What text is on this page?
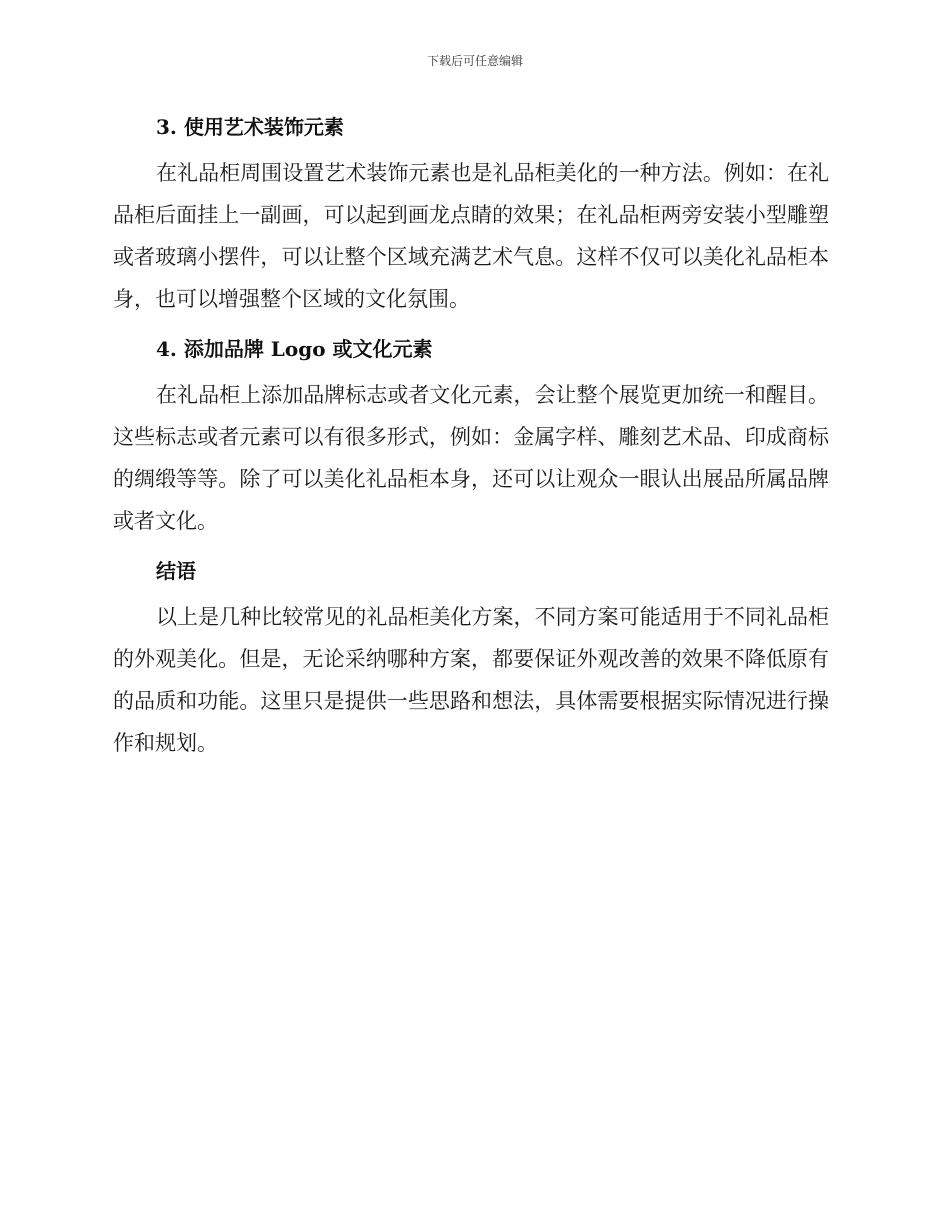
下载后可任意编辑
3. 使用艺术装饰元素

在礼品柜周围设置艺术装饰元素也是礼品柜美化的一种方法。例如：在礼品柜后面挂上一副画，可以起到画龙点睛的效果；在礼品柜两旁安装小型雕塑或者玻璃小摆件，可以让整个区域充满艺术气息。这样不仅可以美化礼品柜本身，也可以增强整个区域的文化氛围。

4. 添加品牌 Logo 或文化元素

在礼品柜上添加品牌标志或者文化元素，会让整个展览更加统一和醒目。这些标志或者元素可以有很多形式，例如：金属字样、雕刻艺术品、印成商标的绸缎等等。除了可以美化礼品柜本身，还可以让观众一眼认出展品所属品牌或者文化。

结语

以上是几种比较常见的礼品柜美化方案，不同方案可能适用于不同礼品柜的外观美化。但是，无论采纳哪种方案，都要保证外观改善的效果不降低原有的品质和功能。这里只是提供一些思路和想法，具体需要根据实际情况进行操作和规划。
